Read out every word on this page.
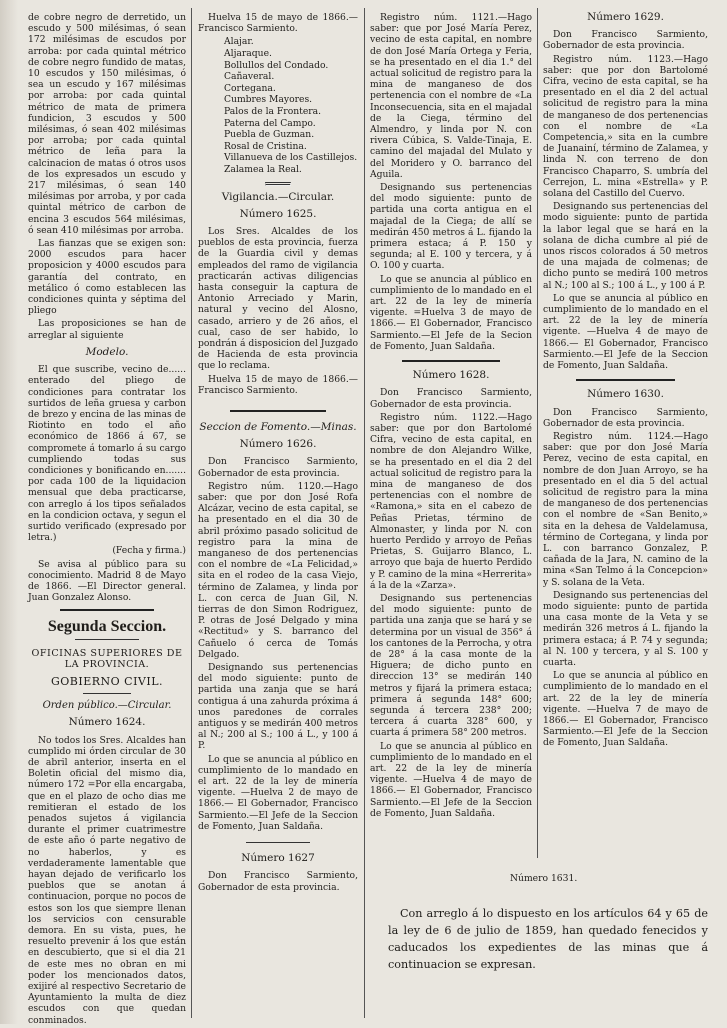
de cobre negro de derretido, un escudo y 500 milésimas, ó sean 172 milésimas de escudos por arroba: por cada quintal métrico de cobre negro fundido de matas, 10 escudos y 150 milésimas, ó sea un escudo y 167 milésimas por arroba: por cada quintal métrico de mata de primera fundicion, 3 escudos y 500 milésimas, ó sean 402 milésimas por arroba; por cada quintal métrico de leña para la calcinacion de matas ó otros usos de los expresados un escudo y 217 milésimas, ó sean 140 milésimas por arroba, y por cada quintal métrico de carbon de encina 3 escudos 564 milésimas, ó sean 410 milésimas por arroba.

Las fianzas que se exigen son: 2000 escudos para hacer proposicion y 4000 escudos para garantía del contrato, en metálico ó como establecen las condiciones quinta y séptima del pliego

Las proposiciones se han de arreglar al siguiente

Modelo.

El que suscribe, vecino de...... enterado del pliego de condiciones para contratar los surtidos de leña gruesa y carbon de brezo y encina de las minas de Riotinto en todo el año económico de 1866 á 67, se compromete á tomarlo á su cargo cumpliendo todas sus condiciones y bonificando en....... por cada 100 de la liquidacion mensual que deba practicarse, con arreglo á los tipos señalados en la condicion octava, y segun el surtido verificado (expresado por letra.)

(Fecha y firma.)

Se avisa al público para su conocimiento. Madrid 8 de Mayo de 1866. —El Director general. Juan Gonzalez Alonso.

Segunda Seccion.
OFICINAS SUPERIORES DE LA PROVINCIA.
GOBIERNO CIVIL.
Orden público.—Circular.
Número 1624.

No todos los Sres. Alcaldes han cumplido mi órden circular de 30 de abril anterior, inserta en el Boletin oficial del mismo dia, número 172 =Por ella encargaba, que en el plazo de ocho dias me remitieran el estado de los penados sujetos á vigilancia durante el primer cuatrimestre de este año ó parte negativo de no haberlos, y es verdaderamente lamentable que hayan dejado de verificarlo los pueblos que se anotan á continuacion, porque no pocos de estos son los que siempre llenan los servicios con censurable demora. En su vista, pues, he resuelto prevenir á los que están en descubierto, que si el dia 21 de este mes no obran en mi poder los mencionados datos, exijiré al respectivo Secretario de Ayuntamiento la multa de diez escudos con que quedan conminados.

Huelva 15 de mayo de 1866.— Francisco Sarmiento.

Alajar.
Aljaraque.
Bollullos del Condado.
Cañaveral.
Cortegana.
Cumbres Mayores.
Palos de la Frontera.
Paterna del Campo.
Puebla de Guzman.
Rosal de Cristina.
Villanueva de los Castillejos.
Zalamea la Real.
Vigilancia.—Circular.
Número 1625.

Los Sres. Alcaldes de los pueblos de esta provincia, fuerza de la Guardia civil y demas empleados del ramo de vigilancia practicarán activas diligencias hasta conseguir la captura de Antonio Arreciado y Marin, natural y vecino del Alosno, casado, arriero y de 26 años, el cual, caso de ser habido, lo pondrán á disposicion del Juzgado de Hacienda de esta provincia que lo reclama.

Huelva 15 de mayo de 1866.— Francisco Sarmiento.

Seccion de Fomento.—Minas.
Número 1626.

Don Francisco Sarmiento, Gobernador de esta provincia.

Registro núm. 1120.—Hago saber: que por don José Rofa Alcázar, vecino de esta capital, se ha presentado en el dia 30 de abril próximo pasado solicitud de registro para la mina de manganeso de dos pertenencias con el nombre de «La Felicidad,» sita en el rodeo de la casa Viejo, término de Zalamea, y linda por L. con cerca de Juan Gil, N. tierras de don Simon Rodriguez, P. otras de José Delgado y mina «Rectitud» y S. barranco del Cañuelo ó cerca de Tomás Delgado.

Designando sus pertenencias del modo siguiente: punto de partida una zanja que se hará contigua á una zahurda próxima á unos paredones de corrales antiguos y se medirán 400 metros al N.; 200 al S.; 100 á L., y 100 á P.

Lo que se anuncia al público en cumplimiento de lo mandado en el art. 22 de la ley de minería vigente. —Huelva 2 de mayo de 1866.— El Gobernador, Francisco Sarmiento.—El Jefe de la Seccion de Fomento, Juan Saldaña.

Número 1627

Don Francisco Sarmiento, Gobernador de esta provincia.

Registro núm. 1121.—Hago saber: que por José María Perez, vecino de esta capital, en nombre de don José María Ortega y Feria, se ha presentado en el dia 1.° del actual solicitud de registro para la mina de manganeso de dos pertenencia con el nombre de «La Inconsecuencia, sita en el majadal de la Ciega, término del Almendro, y linda por N. con rivera Cúbica, S. Valde-Tinaja, E. camino del majadal del Mulato y del Moridero y O. barranco del Aguila.

Designando sus pertenencias del modo siguiente: punto de partida una corta antigua en el majadal de la Ciega; de allí se medirán 450 metros á L. fijando la primera estaca; á P. 150 y segunda; al E. 100 y tercera, y á O. 100 y cuarta.

Lo que se anuncia al público en cumplimiento de lo mandado en el art. 22 de la ley de minería vigente. =Huelva 3 de mayo de 1866.— El Gobernador, Francisco Sarmiento.—El Jefe de la Secion de Fomento, Juan Saldaña.

Número 1628.

Don Francisco Sarmiento, Gobernador de esta provincia.

Registro núm. 1122.—Hago saber: que por don Bartolomé Cifra, vecino de esta capital, en nombre de don Alejandro Wilke, se ha presentado en el dia 2 del actual solicitud de registro para la mina de manganeso de dos pertenencias con el nombre de «Ramona,» sita en el cabezo de Peñas Prietas, término de Almonaster, y linda por N. con huerto Perdido y arroyo de Peñas Prietas, S. Guijarro Blanco, L. arroyo que baja de huerto Perdido y P. camino de la mina «Herrerita» á la de la «Zarza».

Designando sus pertenencias del modo siguiente: punto de partida una zanja que se hará y se determina por un visual de 356° á los cantones de la Perrocha, y otra de 28° á la casa monte de la Higuera; de dicho punto en direccion 13° se medirán 140 metros y fijará la primera estaca; primera á segunda 148° 600; segunda á tercera 238° 200; tercera á cuarta 328° 600, y cuarta á primera 58° 200 metros.

Lo que se anuncia al público en cumplimiento de lo mandado en el art. 22 de la ley de minería vigente. —Huelva 4 de mayo de 1866.— El Gobernador, Francisco Sarmiento.—El Jefe de la Seccion de Fomento, Juan Saldaña.

Número 1629.

Don Francisco Sarmiento, Gobernador de esta provincia.

Registro núm. 1123.—Hago saber: que por don Bartolomé Cifra, vecino de esta capital, se ha presentado en el dia 2 del actual solicitud de registro para la mina de manganeso de dos pertenencias con el nombre de «La Competencia,» sita en la cumbre de Juanainí, término de Zalamea, y linda N. con terreno de don Francisco Chaparro, S. umbría del Cerrejon, L. mina «Estrella» y P. solana del Castillo del Cuervo.

Designando sus pertenencias del modo siguiente: punto de partida la labor legal que se hará en la solana de dicha cumbre al pié de unos riscos colorados á 50 metros de una majada de colmenas; de dicho punto se medirá 100 metros al N.; 100 al S.; 100 á L., y 100 á P.

Lo que se anuncia al público en cumplimiento de lo mandado en el art. 22 de la ley de minería vigente. —Huelva 4 de mayo de 1866.— El Gobernador, Francisco Sarmiento.—El Jefe de la Seccion de Fomento, Juan Saldaña.

Número 1630.

Don Francisco Sarmiento, Gobernador de esta provincia.

Registro núm. 1124.—Hago saber: que por don José María Perez, vecino de esta capital, en nombre de don Juan Arroyo, se ha presentado en el dia 5 del actual solicitud de registro para la mina de manganeso de dos pertenencias con el nombre de «San Benito,» sita en la dehesa de Valdelamusa, término de Cortegana, y linda por L. con barranco Gonzalez, P. cañada de la Jara, N. camino de la mina «San Telmo á la Concepcion» y S. solana de la Veta.

Designando sus pertenencias del modo siguiente: punto de partida una casa monte de la Veta y se medirán 326 metros á L. fijando la primera estaca; á P. 74 y segunda; al N. 100 y tercera, y al S. 100 y cuarta.

Lo que se anuncia al público en cumplimiento de lo mandado en el art. 22 de la ley de minería vigente. —Huelva 7 de mayo de 1866.— El Gobernador, Francisco Sarmiento.—El Jefe de la Seccion de Fomento, Juan Saldaña.

Número 1631.
Con arreglo á lo dispuesto en los artículos 64 y 65 de la ley de 6 de julio de 1859, han quedado fenecidos y caducados los expedientes de las minas que á continuacion se expresan.
